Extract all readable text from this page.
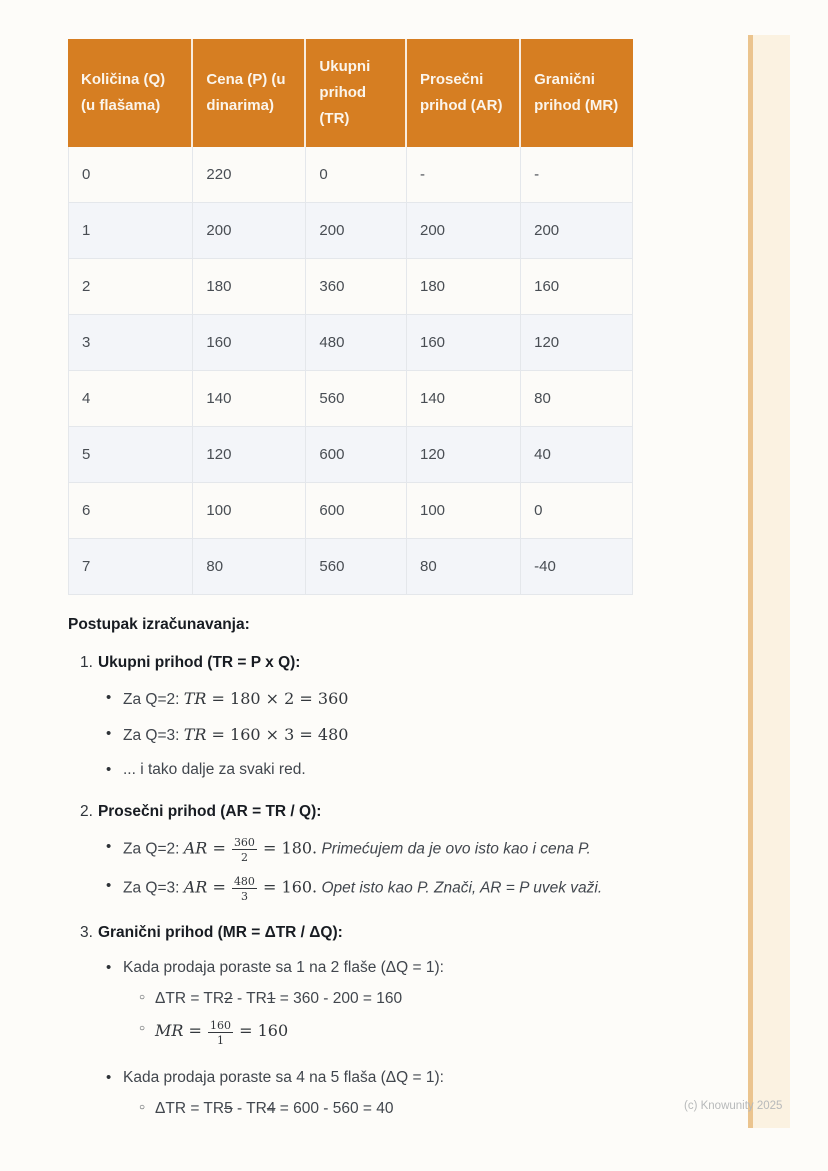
Količina (Q) (u flašama)	Cena (P) (u dinarima)	Ukupni prihod (TR)	Prosečni prihod (AR)	Granični prihod (MR)
0	220	0	-	-
1	200	200	200	200
2	180	360	180	160
3	160	480	160	120
4	140	560	140	80
5	120	600	120	40
6	100	600	100	0
7	80	560	80	-40

Postupak izračunavanja:

1. Ukupni prihod (TR = P x Q):

• Za Q=2: TR = 180 × 2 = 360
• Za Q=3: TR = 160 × 3 = 480
• ... i tako dalje za svaki red.

2. Prosečni prihod (AR = TR / Q):

• Za Q=2: AR = $\frac{360}{2} = 180$. Primećujem da je ovo isto kao i cena P.
• Za Q=3: AR = $\frac{480}{3} = 160$. Opet isto kao P. Znači, AR = P uvek važi.

3. Granični prihod (MR = ΔTR / ΔQ):

• Kada prodaja poraste sa 1 na 2 flaše (ΔQ = 1):
○ ΔTR = TR2 - TR1 = 360 - 200 = 160
○ MR = $\frac{160}{1} = 160$
• Kada prodaja poraste sa 4 na 5 flaša (ΔQ = 1):
○ ΔTR = TR5 - TR4 = 600 - 560 = 40	(c) Knowunity 2025
